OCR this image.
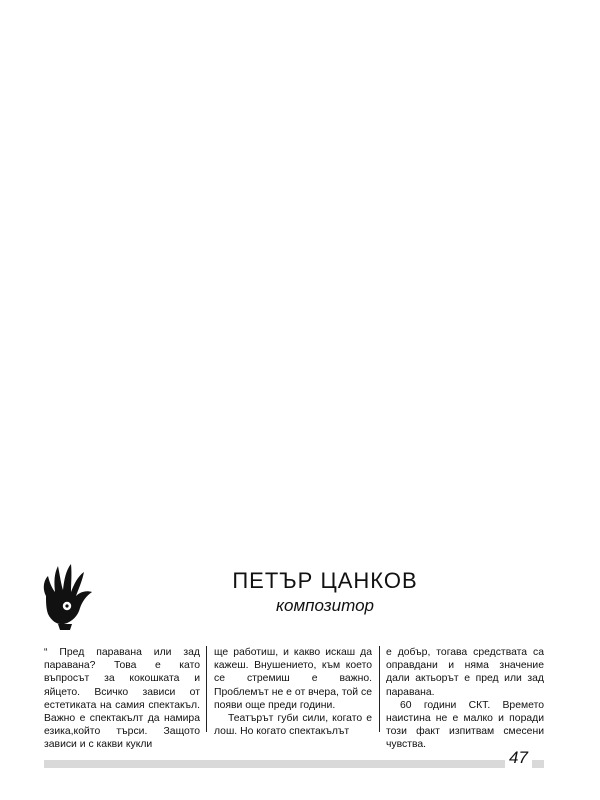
ПЕТЪР ЦАНКОВ
композитор

“ Пред паравана или зад паравана? Това е като въпросът за кокошката и яйцето. Всичко зависи от естетиката на самия спектакъл. Важно е спектакълт да намира езика,който търси. Защото зависи и с какви кукли

ще работиш, и какво искаш да кажеш. Внушението, към което се стремиш е важно. Проблемът не е от вчера, той се появи още преди години.

Театърът губи сили, когато е лош. Но когато спектакълът

е добър, тогава средствата са оправдани и няма значение дали актьорът е пред или зад паравана.

60 години СКТ. Времето наистина не е малко и поради този факт изпитвам смесени чувства.

47
